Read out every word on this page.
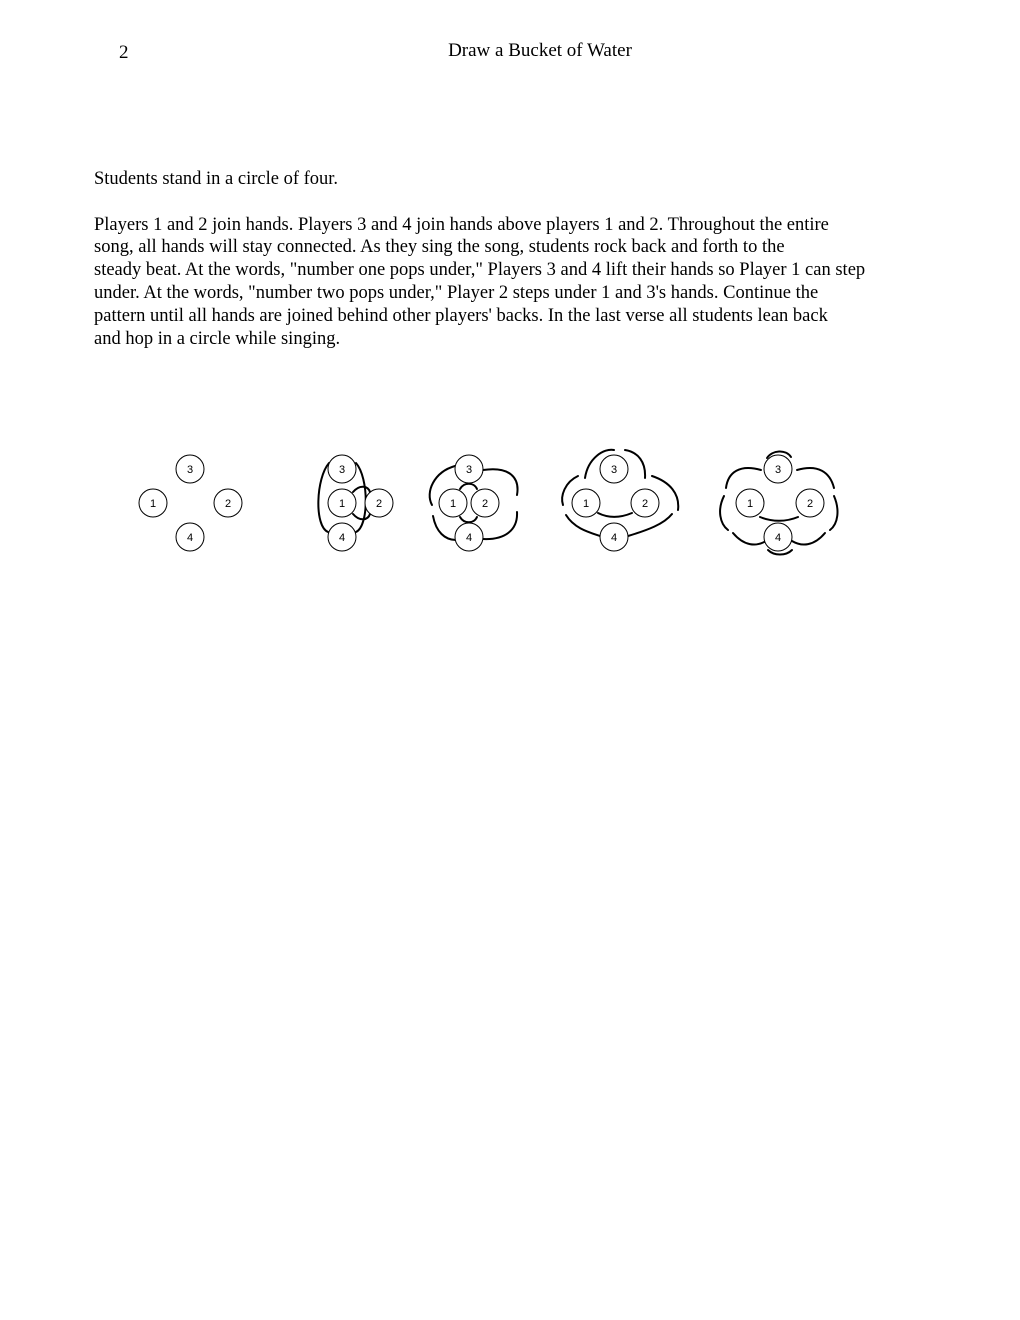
2	Draw a Bucket of Water

Students stand in a circle of four.

Players 1 and 2 join hands. Players 3 and 4 join hands above players 1 and 2. Throughout the entire
song, all hands will stay connected. As they sing the song, students rock back and forth to the
steady beat. At the words, "number one pops under," Players 3 and 4 lift their hands so Player 1 can step
under. At the words, "number two pops under," Player 2 steps under 1 and 3's hands. Continue the
pattern until all hands are joined behind other players' backs. In the last verse all students lean back
and hop in a circle while singing.

3
1	2
4
3
1	2
4
3
1 2
4
3
1	2
4
3
1	2
4
